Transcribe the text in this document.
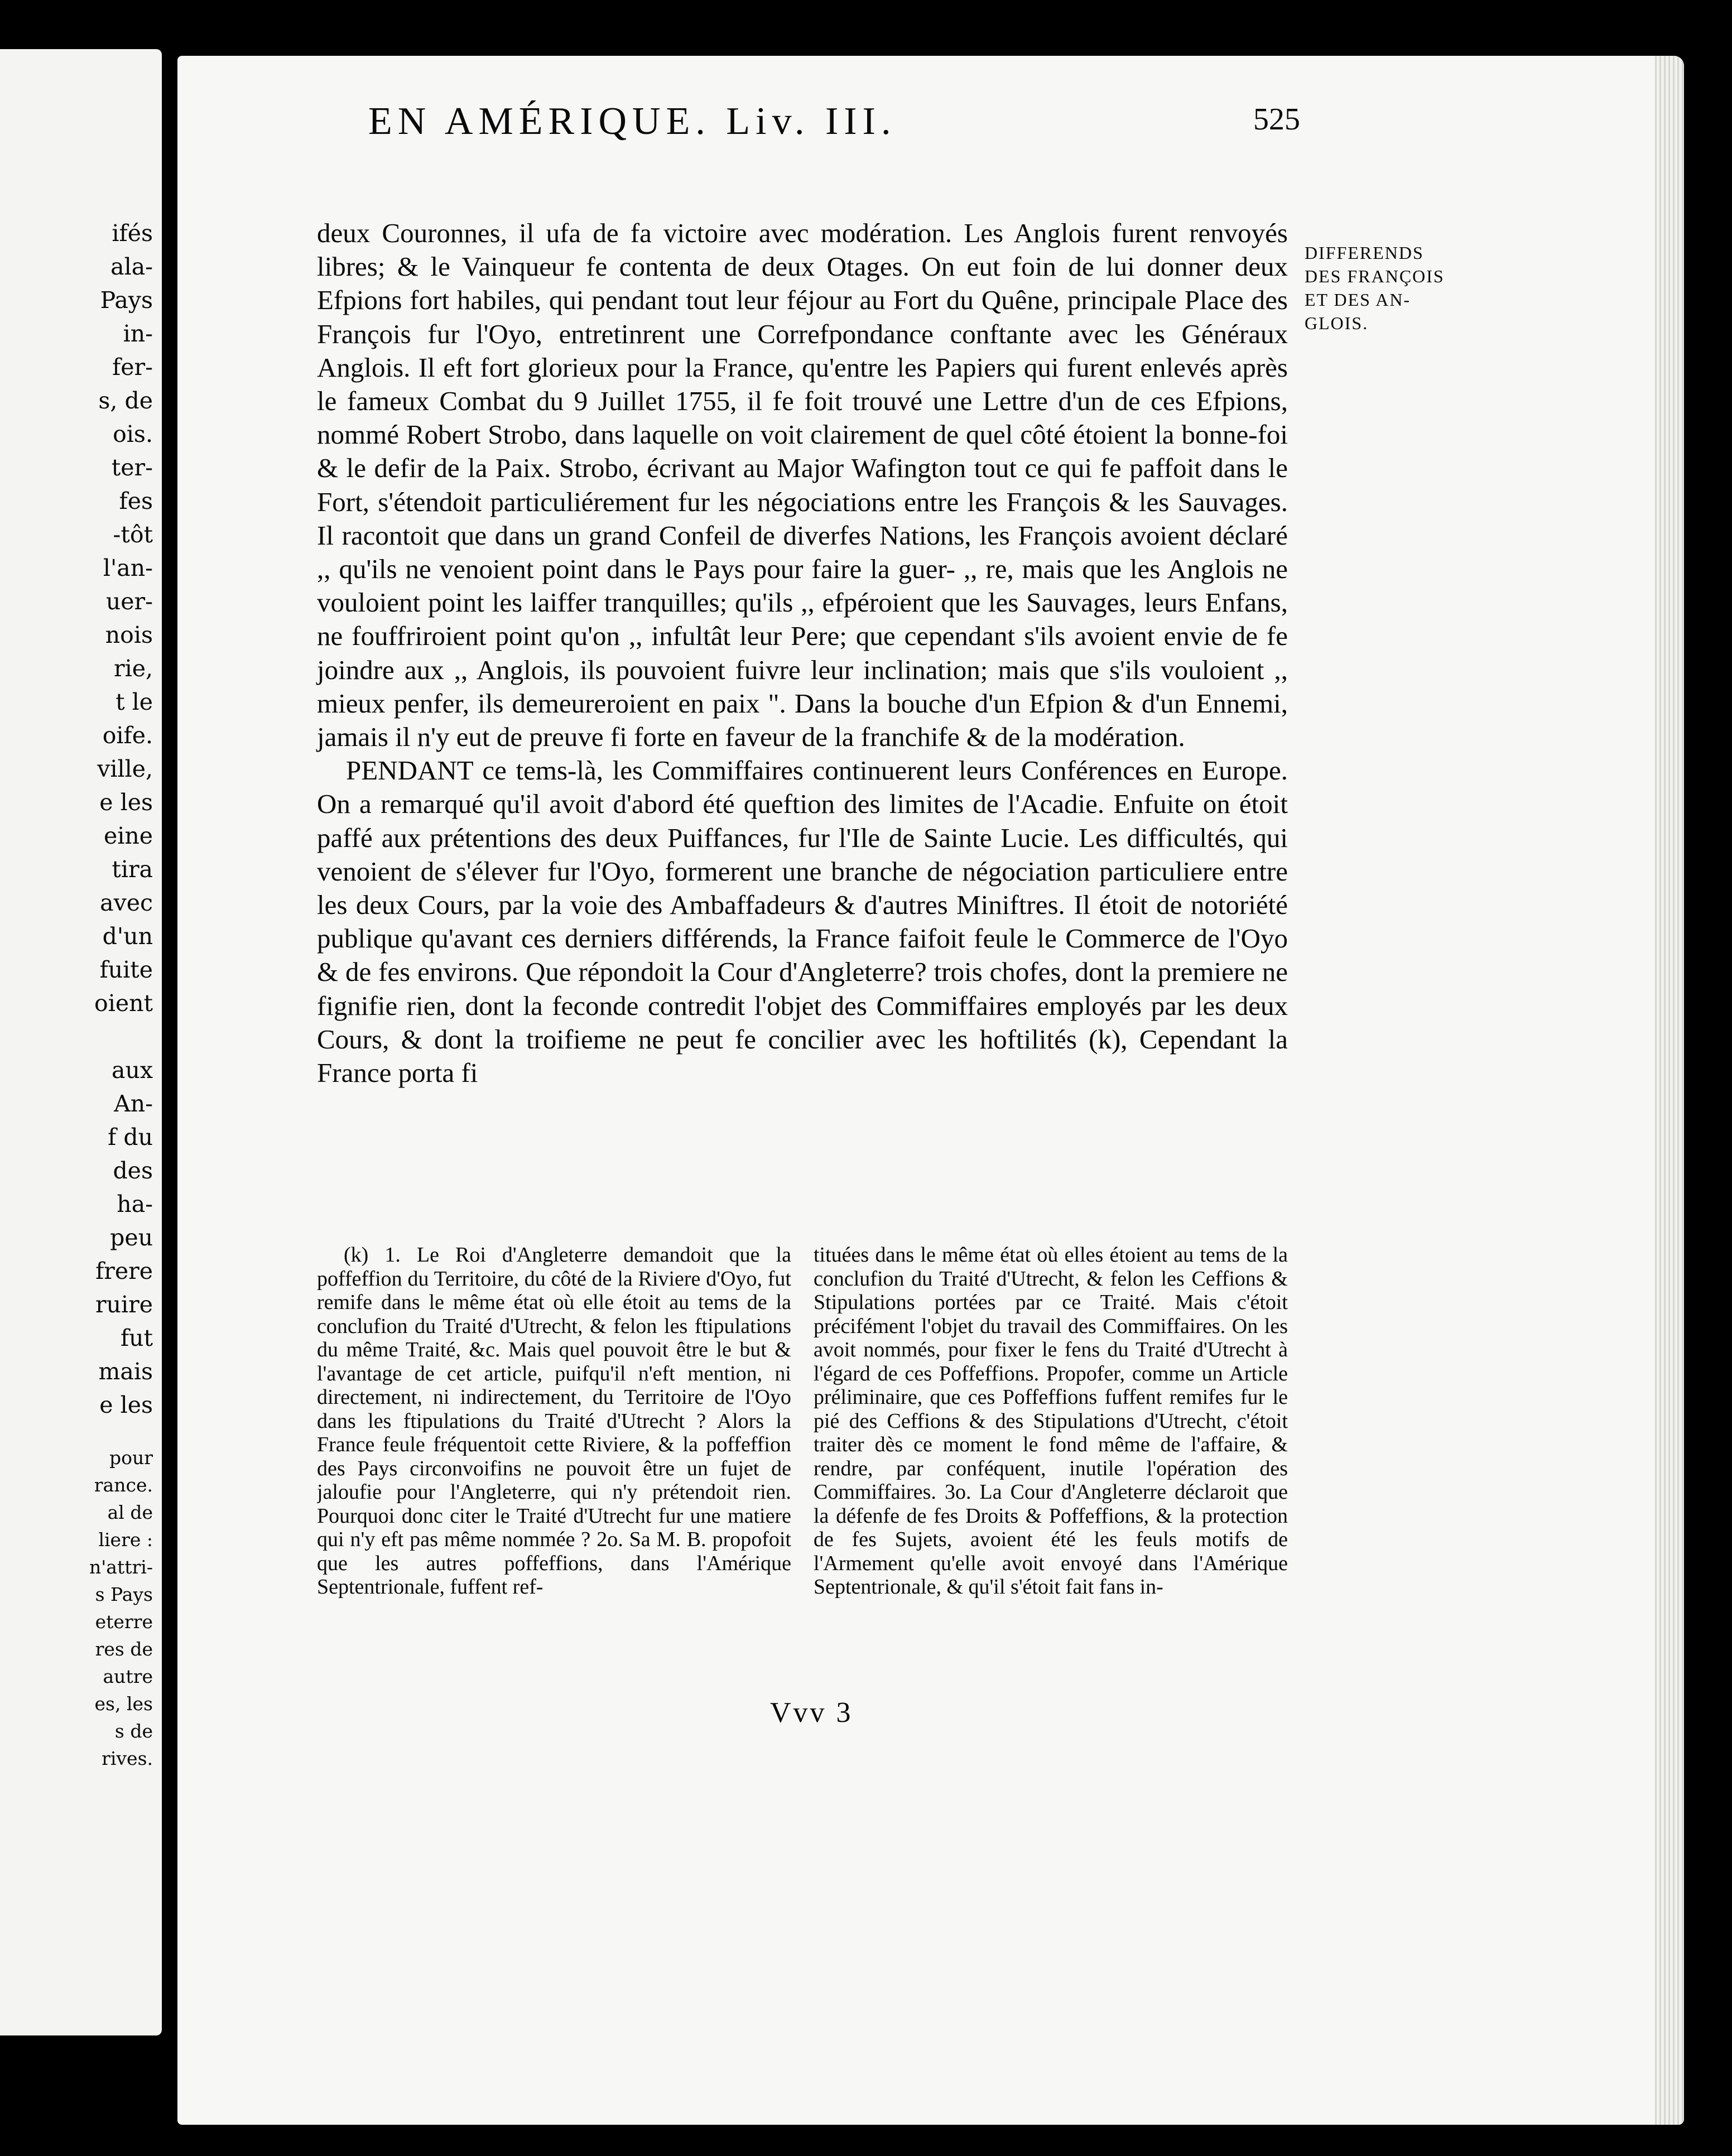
ifés
ala-
Pays
in-
fer-
s, de
ois.
ter-
fes
-tôt
l'an-
uer-
nois
rie,
t le
oife.
ville,
e les
eine
tira
avec
d'un
fuite
oient
aux
An-
f du
des
ha-
peu
frere
ruire
fut
mais
e les
pour
rance.
al de
liere :
n'attri-
s Pays
eterre
res de
autre
es, les
s de
rives.
EN AMÉRIQUE. Liv. III.	525
DIFFERENDS
DES FRANÇOIS
ET DES AN-
GLOIS.

deux Couronnes, il ufa de fa victoire avec modération. Les Anglois furent renvoyés libres; & le Vainqueur fe contenta de deux Otages. On eut foin de lui donner deux Efpions fort habiles, qui pendant tout leur féjour au Fort du Quêne, principale Place des François fur l'Oyo, entretinrent une Correfpondance conftante avec les Généraux Anglois. Il eft fort glorieux pour la France, qu'entre les Papiers qui furent enlevés après le fameux Combat du 9 Juillet 1755, il fe foit trouvé une Lettre d'un de ces Efpions, nommé Robert Strobo, dans laquelle on voit clairement de quel côté étoient la bonne-foi & le defir de la Paix. Strobo, écrivant au Major Wafington tout ce qui fe paffoit dans le Fort, s'étendoit particuliérement fur les négociations entre les François & les Sauvages. Il racontoit que dans un grand Confeil de diverfes Nations, les François avoient déclaré ,, qu'ils ne venoient point dans le Pays pour faire la guer- ,, re, mais que les Anglois ne vouloient point les laiffer tranquilles; qu'ils ,, efpéroient que les Sauvages, leurs Enfans, ne fouffriroient point qu'on ,, infultât leur Pere; que cependant s'ils avoient envie de fe joindre aux ,, Anglois, ils pouvoient fuivre leur inclination; mais que s'ils vouloient ,, mieux penfer, ils demeureroient en paix ". Dans la bouche d'un Efpion & d'un Ennemi, jamais il n'y eut de preuve fi forte en faveur de la franchife & de la modération.

PENDANT ce tems-là, les Commiffaires continuerent leurs Conférences en Europe. On a remarqué qu'il avoit d'abord été queftion des limites de l'Acadie. Enfuite on étoit paffé aux prétentions des deux Puiffances, fur l'Ile de Sainte Lucie. Les difficultés, qui venoient de s'élever fur l'Oyo, formerent une branche de négociation particuliere entre les deux Cours, par la voie des Ambaffadeurs & d'autres Miniftres. Il étoit de notoriété publique qu'avant ces derniers différends, la France faifoit feule le Commerce de l'Oyo & de fes environs. Que répondoit la Cour d'Angleterre? trois chofes, dont la premiere ne fignifie rien, dont la feconde contredit l'objet des Commiffaires employés par les deux Cours, & dont la troifieme ne peut fe concilier avec les hoftilités (k), Cependant la France porta fi

(k) 1. Le Roi d'Angleterre demandoit que la poffeffion du Territoire, du côté de la Riviere d'Oyo, fut remife dans le même état où elle étoit au tems de la conclufion du Traité d'Utrecht, & felon les ftipulations du même Traité, &c. Mais quel pouvoit être le but & l'avantage de cet article, puifqu'il n'eft mention, ni directement, ni indirectement, du Territoire de l'Oyo dans les ftipulations du Traité d'Utrecht ? Alors la France feule fréquentoit cette Riviere, & la poffeffion des Pays circonvoifins ne pouvoit être un fujet de jaloufie pour l'Angleterre, qui n'y prétendoit rien. Pourquoi donc citer le Traité d'Utrecht fur une matiere qui n'y eft pas même nommée ? 2o. Sa M. B. propofoit que les autres poffeffions, dans l'Amérique Septentrionale, fuffent ref-
tituées dans le même état où elles étoient au tems de la conclufion du Traité d'Utrecht, & felon les Ceffions & Stipulations portées par ce Traité. Mais c'étoit précifément l'objet du travail des Commiffaires. On les avoit nommés, pour fixer le fens du Traité d'Utrecht à l'égard de ces Poffeffions. Propofer, comme un Article préliminaire, que ces Poffeffions fuffent remifes fur le pié des Ceffions & des Stipulations d'Utrecht, c'étoit traiter dès ce moment le fond même de l'affaire, & rendre, par conféquent, inutile l'opération des Commiffaires. 3o. La Cour d'Angleterre déclaroit que la défenfe de fes Droits & Poffeffions, & la protection de fes Sujets, avoient été les feuls motifs de l'Armement qu'elle avoit envoyé dans l'Amérique Septentrionale, & qu'il s'étoit fait fans in-
Vvv 3
